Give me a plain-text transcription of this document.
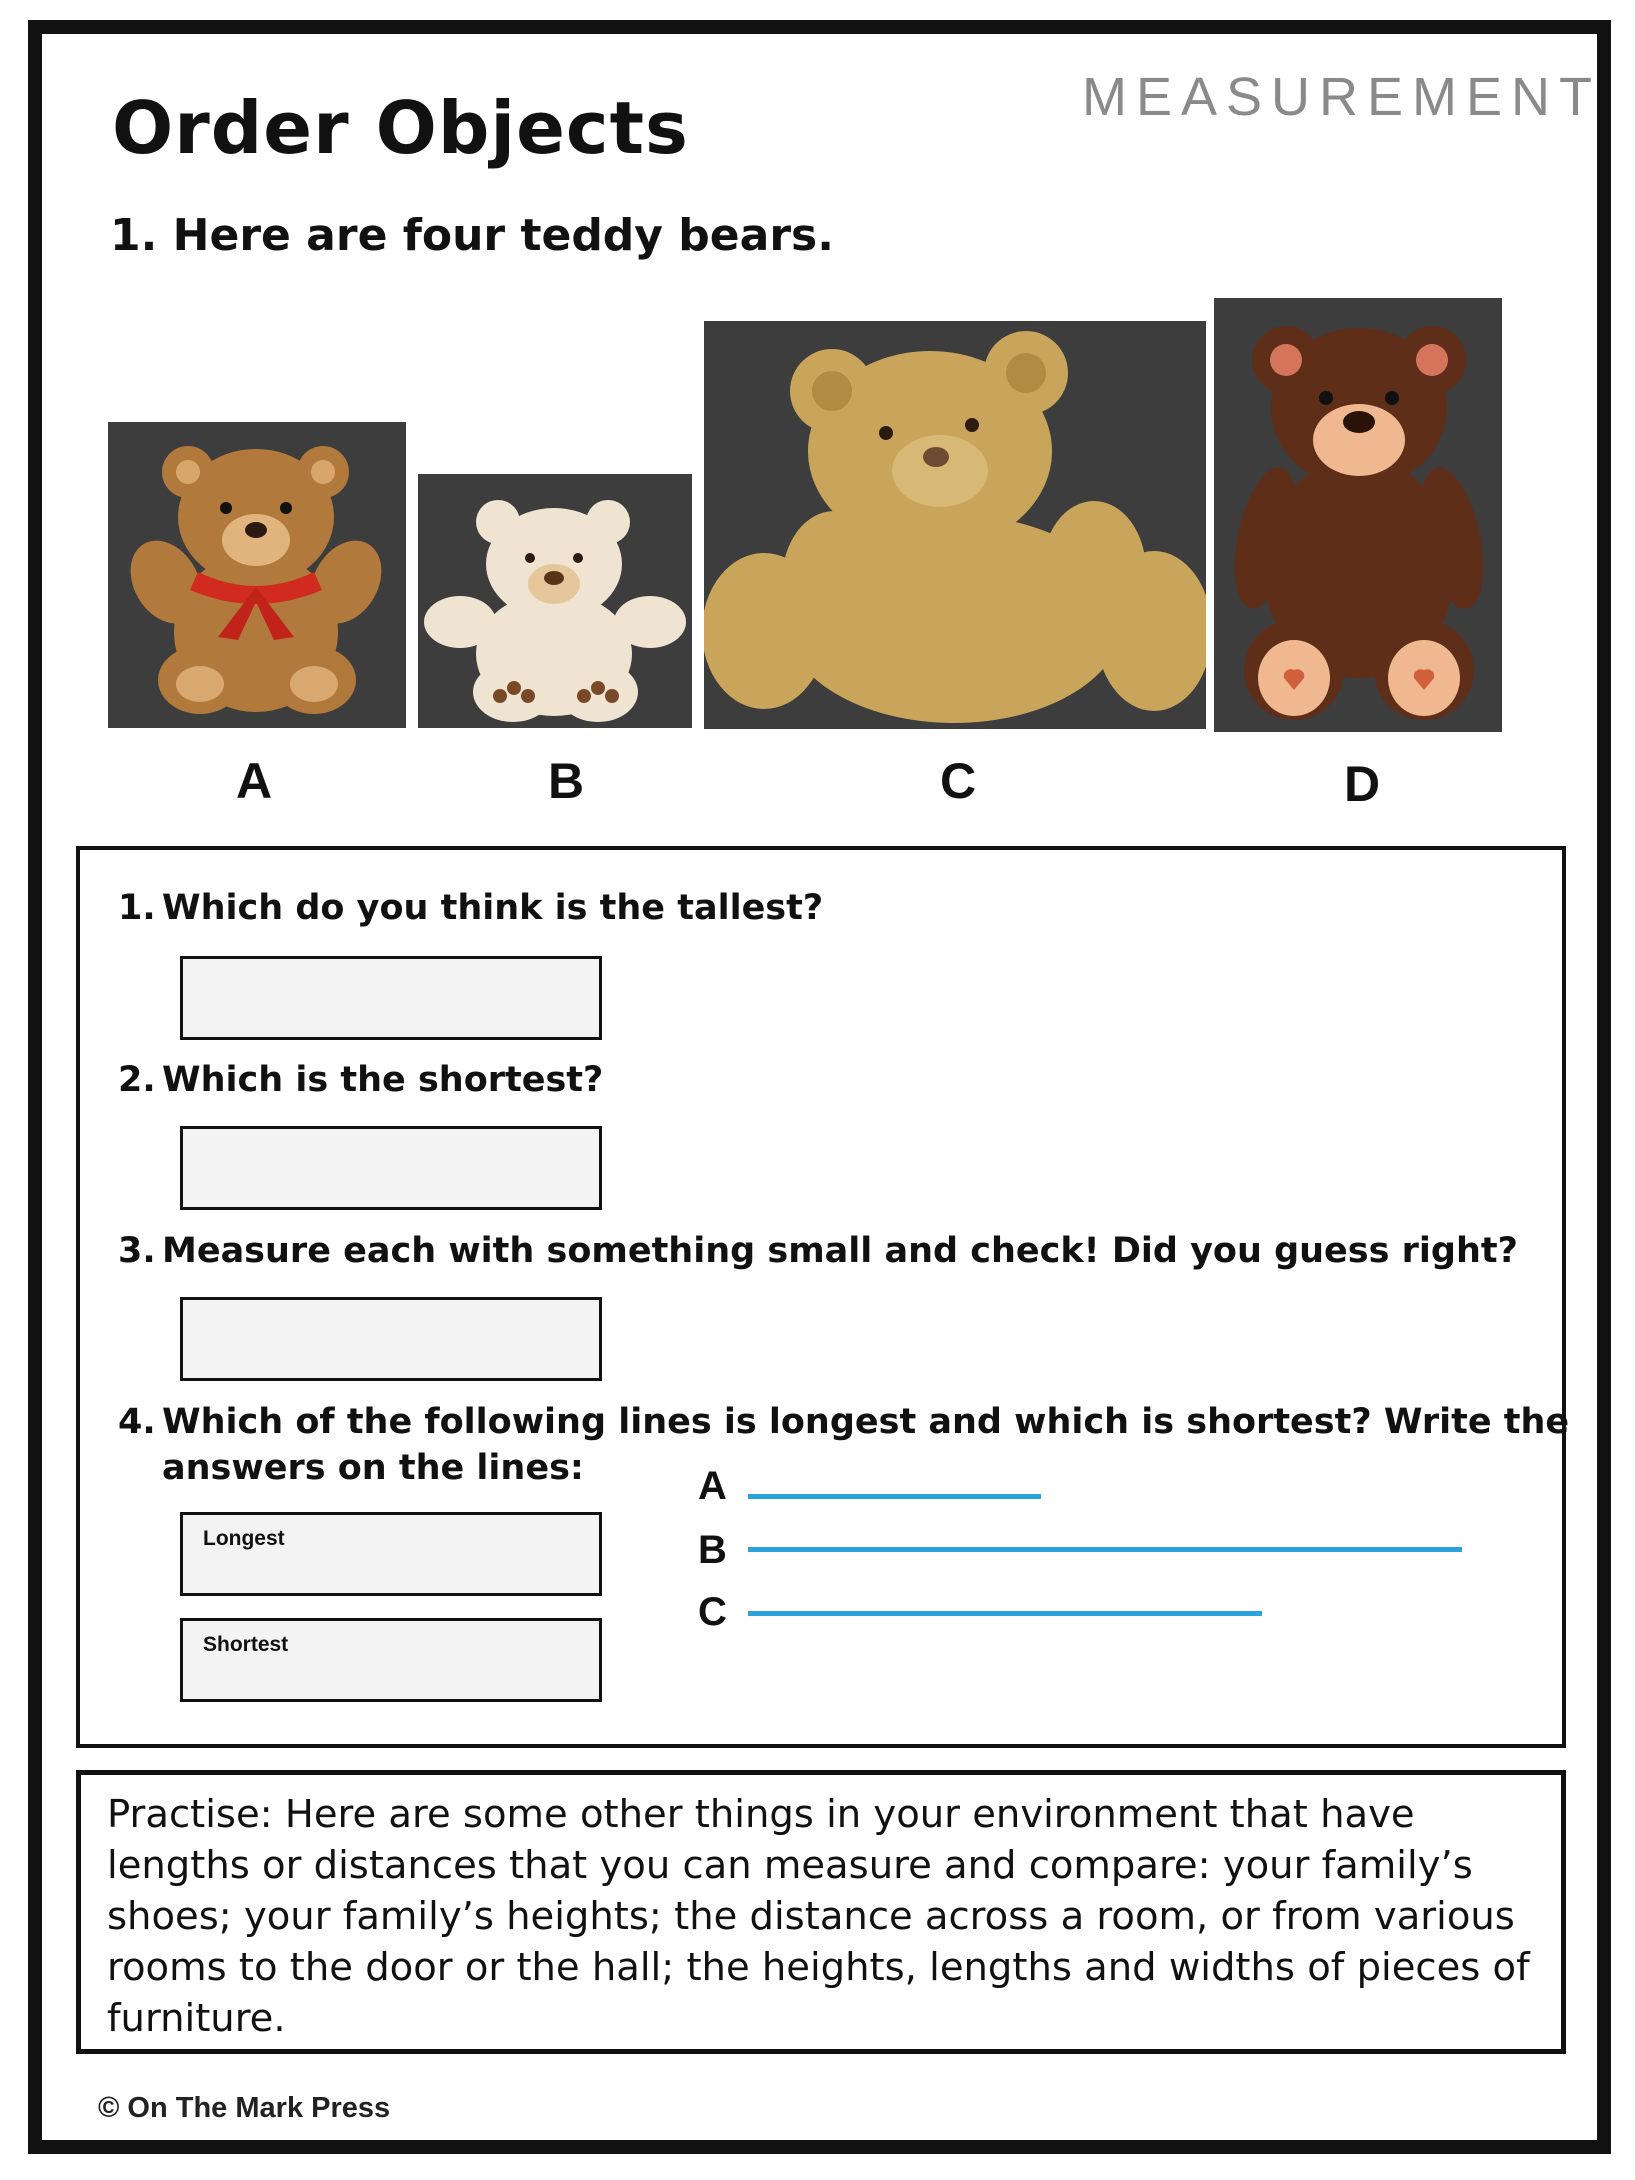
Order Objects	MEASUREMENT
1. Here are four teddy bears.
A	B	C	D
1. Which do you think is the tallest?
2. Which is the shortest?
3. Measure each with something small and check! Did you guess right?
4. Which of the following lines is longest and which is shortest? Write the
answers on the lines:
Longest
Shortest
A
B
C
Practise: Here are some other things in your environment that have lengths or distances that you can measure and compare: your family’s shoes; your family’s heights; the distance across a room, or from various rooms to the door or the hall; the heights, lengths and widths of pieces of furniture.
© On The Mark Press
